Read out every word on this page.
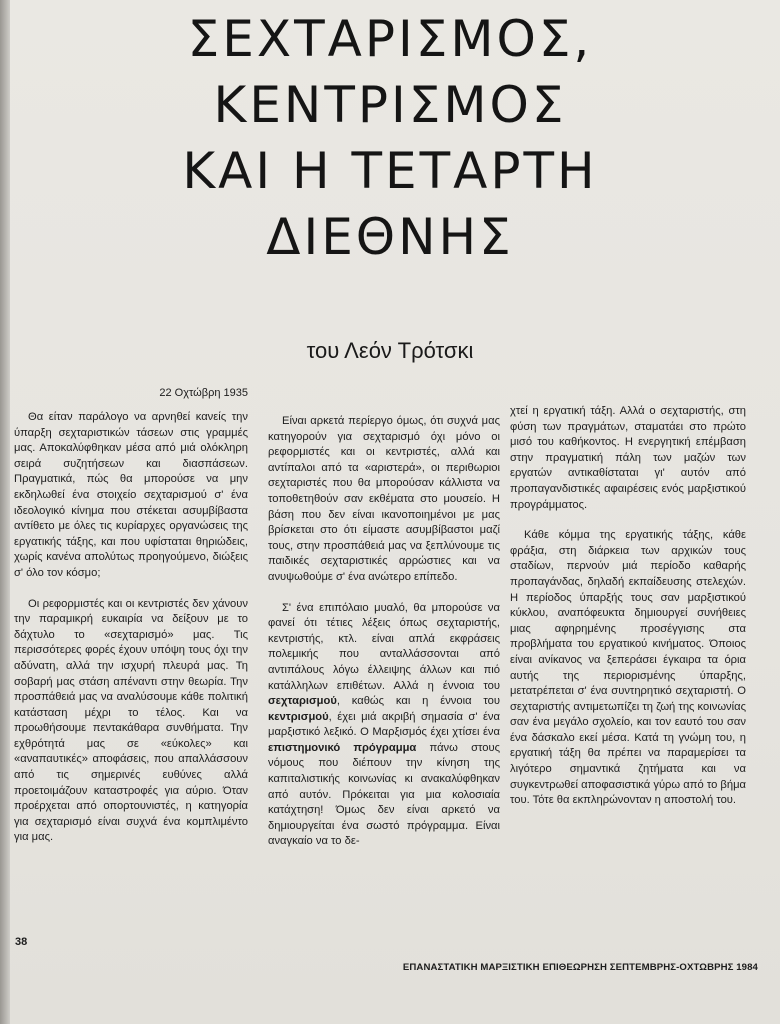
ΣΕΧΤΑΡΙΣΜΟΣ,
ΚΕΝΤΡΙΣΜΟΣ
ΚΑΙ Η ΤΕΤΑΡΤΗ
ΔΙΕΘΝΗΣ
του Λεόν Τρότσκι
22 Οχτώβρη 1935

Θα είταν παράλογο να αρνηθεί κανείς την ύπαρξη σεχταριστικών τάσεων στις γραμμές μας. Αποκαλύφθηκαν μέσα από μιά ολόκληρη σειρά συζητήσεων και διασπάσεων. Πραγματικά, πώς θα μπορούσε να μην εκδηλωθεί ένα στοιχείο σεχταρισμού σ' ένα ιδεολογικό κίνημα που στέκεται ασυμβίβαστα αντίθετο με όλες τις κυρίαρχες οργανώσεις της εργατικής τάξης, και που υφίσταται θηριώδεις, χωρίς κανένα απολύτως προηγούμενο, διώξεις σ' όλο τον κόσμο;

Οι ρεφορμιστές και οι κεντριστές δεν χάνουν την παραμικρή ευκαιρία να δείξουν με το δάχτυλο το «σεχταρισμό» μας. Τις περισσότερες φορές έχουν υπόψη τους όχι την αδύνατη, αλλά την ισχυρή πλευρά μας. Τη σοβαρή μας στάση απέναντι στην θεωρία. Την προσπάθειά μας να αναλύσουμε κάθε πολιτική κατάσταση μέχρι το τέλος. Και να προωθήσουμε πεντακάθαρα συνθήματα. Την εχθρότητά μας σε «εύκολες» και «αναπαυτικές» αποφάσεις, που απαλλάσσουν από τις σημερινές ευθύνες αλλά προετοιμάζουν καταστροφές για αύριο. Όταν προέρχεται από οπορτουνιστές, η κατηγορία για σεχταρισμό είναι συχνά ένα κομπλιμέντο για μας.

Είναι αρκετά περίεργο όμως, ότι συχνά μας κατηγορούν για σεχταρισμό όχι μόνο οι ρεφορμιστές και οι κεντριστές, αλλά και αντίπαλοι από τα «αριστερά», οι περιθωριοι σεχταριστές που θα μπορούσαν κάλλιστα να τοποθετηθούν σαν εκθέματα στο μουσείο. Η βάση που δεν είναι ικανοποιημένοι με μας βρίσκεται στο ότι είμαστε ασυμβίβαστοι μαζί τους, στην προσπάθειά μας να ξεπλύνουμε τις παιδικές σεχταριστικές αρρώστιες και να ανυψωθούμε σ' ένα ανώτερο επίπεδο.

Σ' ένα επιπόλαιο μυαλό, θα μπορούσε να φανεί ότι τέτιες λέξεις όπως σεχταριστής, κεντριστής, κτλ. είναι απλά εκφράσεις πολεμικής που ανταλλάσσονται από αντιπάλους λόγω έλλειψης άλλων και πιό κατάλληλων επιθέτων. Αλλά η έννοια του σεχταρισμού, καθώς και η έννοια του κεντρισμού, έχει μιά ακριβή σημασία σ' ένα μαρξιστικό λεξικό. Ο Μαρξισμός έχει χτίσει ένα επιστημονικό πρόγραμμα πάνω στους νόμους που διέπουν την κίνηση της καπιταλιστικής κοινωνίας κι ανακαλύφθηκαν από αυτόν. Πρόκειται για μια κολοσιαία κατάχτηση! Όμως δεν είναι αρκετό να δημιουργείται ένα σωστό πρόγραμμα. Είναι αναγκαίο να το δε-

χτεί η εργατική τάξη. Αλλά ο σεχταριστής, στη φύση των πραγμάτων, σταματάει στο πρώτο μισό του καθήκοντος. Η ενεργητική επέμβαση στην πραγματική πάλη των μαζών των εργατών αντικαθίσταται γι' αυτόν από προπαγανδιστικές αφαιρέσεις ενός μαρξιστικού προγράμματος.

Κάθε κόμμα της εργατικής τάξης, κάθε φράξια, στη διάρκεια των αρχικών τους σταδίων, περνούν μιά περίοδο καθαρής προπαγάνδας, δηλαδή εκπαίδευσης στελεχών. Η περίοδος ύπαρξής τους σαν μαρξιστικού κύκλου, αναπόφευκτα δημιουργεί συνήθειες μιας αφηρημένης προσέγγισης στα προβλήματα του εργατικού κινήματος. Όποιος είναι ανίκανος να ξεπεράσει έγκαιρα τα όρια αυτής της περιορισμένης ύπαρξης, μετατρέπεται σ' ένα συντηρητικό σεχταριστή. Ο σεχταριστής αντιμετωπίζει τη ζωή της κοινωνίας σαν ένα μεγάλο σχολείο, και τον εαυτό του σαν ένα δάσκαλο εκεί μέσα. Κατά τη γνώμη του, η εργατική τάξη θα πρέπει να παραμερίσει τα λιγότερο σημαντικά ζητήματα και να συγκεντρωθεί αποφασιστικά γύρω από το βήμα του. Τότε θα εκπληρώνονταν η αποστολή του.

38
ΕΠΑΝΑΣΤΑΤΙΚΗ ΜΑΡΞΙΣΤΙΚΗ ΕΠΙΘΕΩΡΗΣΗ ΣΕΠΤΕΜΒΡΗΣ-ΟΧΤΩΒΡΗΣ 1984
